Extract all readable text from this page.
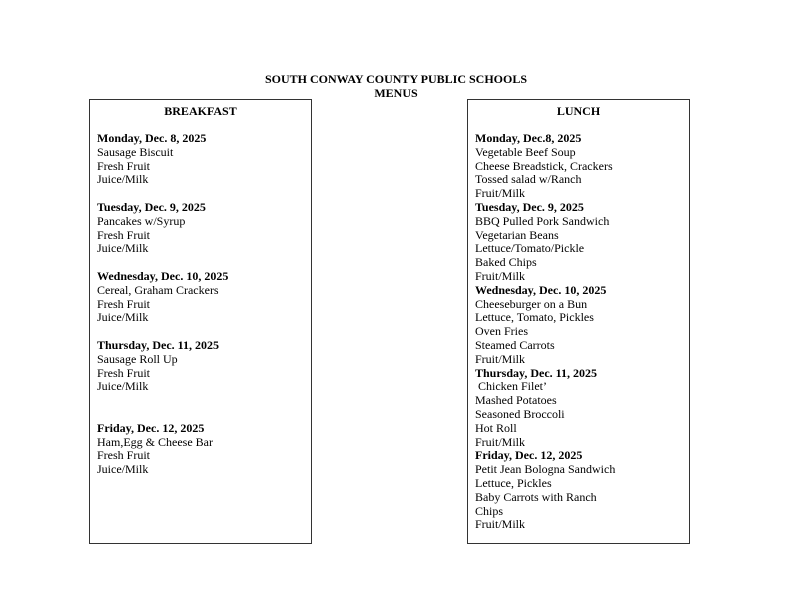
SOUTH CONWAY COUNTY PUBLIC SCHOOLS
MENUS
BREAKFAST
Monday, Dec. 8, 2025
Sausage Biscuit
Fresh Fruit
Juice/Milk
Tuesday, Dec. 9, 2025
Pancakes w/Syrup
Fresh Fruit
Juice/Milk
Wednesday, Dec. 10, 2025
Cereal, Graham Crackers
Fresh Fruit
Juice/Milk
Thursday, Dec. 11, 2025
Sausage Roll Up
Fresh Fruit
Juice/Milk
Friday, Dec. 12, 2025
Ham,Egg & Cheese Bar
Fresh Fruit
Juice/Milk
LUNCH
Monday, Dec.8, 2025
Vegetable Beef Soup
Cheese Breadstick, Crackers
Tossed salad w/Ranch
Fruit/Milk
Tuesday, Dec. 9, 2025
BBQ Pulled Pork Sandwich
Vegetarian Beans
Lettuce/Tomato/Pickle
Baked Chips
Fruit/Milk
Wednesday, Dec. 10, 2025
Cheeseburger on a Bun
Lettuce, Tomato, Pickles
Oven Fries
Steamed Carrots
Fruit/Milk
Thursday, Dec. 11, 2025
Chicken Filet’
Mashed Potatoes
Seasoned Broccoli
Hot Roll
Fruit/Milk
Friday, Dec. 12, 2025
Petit Jean Bologna Sandwich
Lettuce, Pickles
Baby Carrots with Ranch
Chips
Fruit/Milk
